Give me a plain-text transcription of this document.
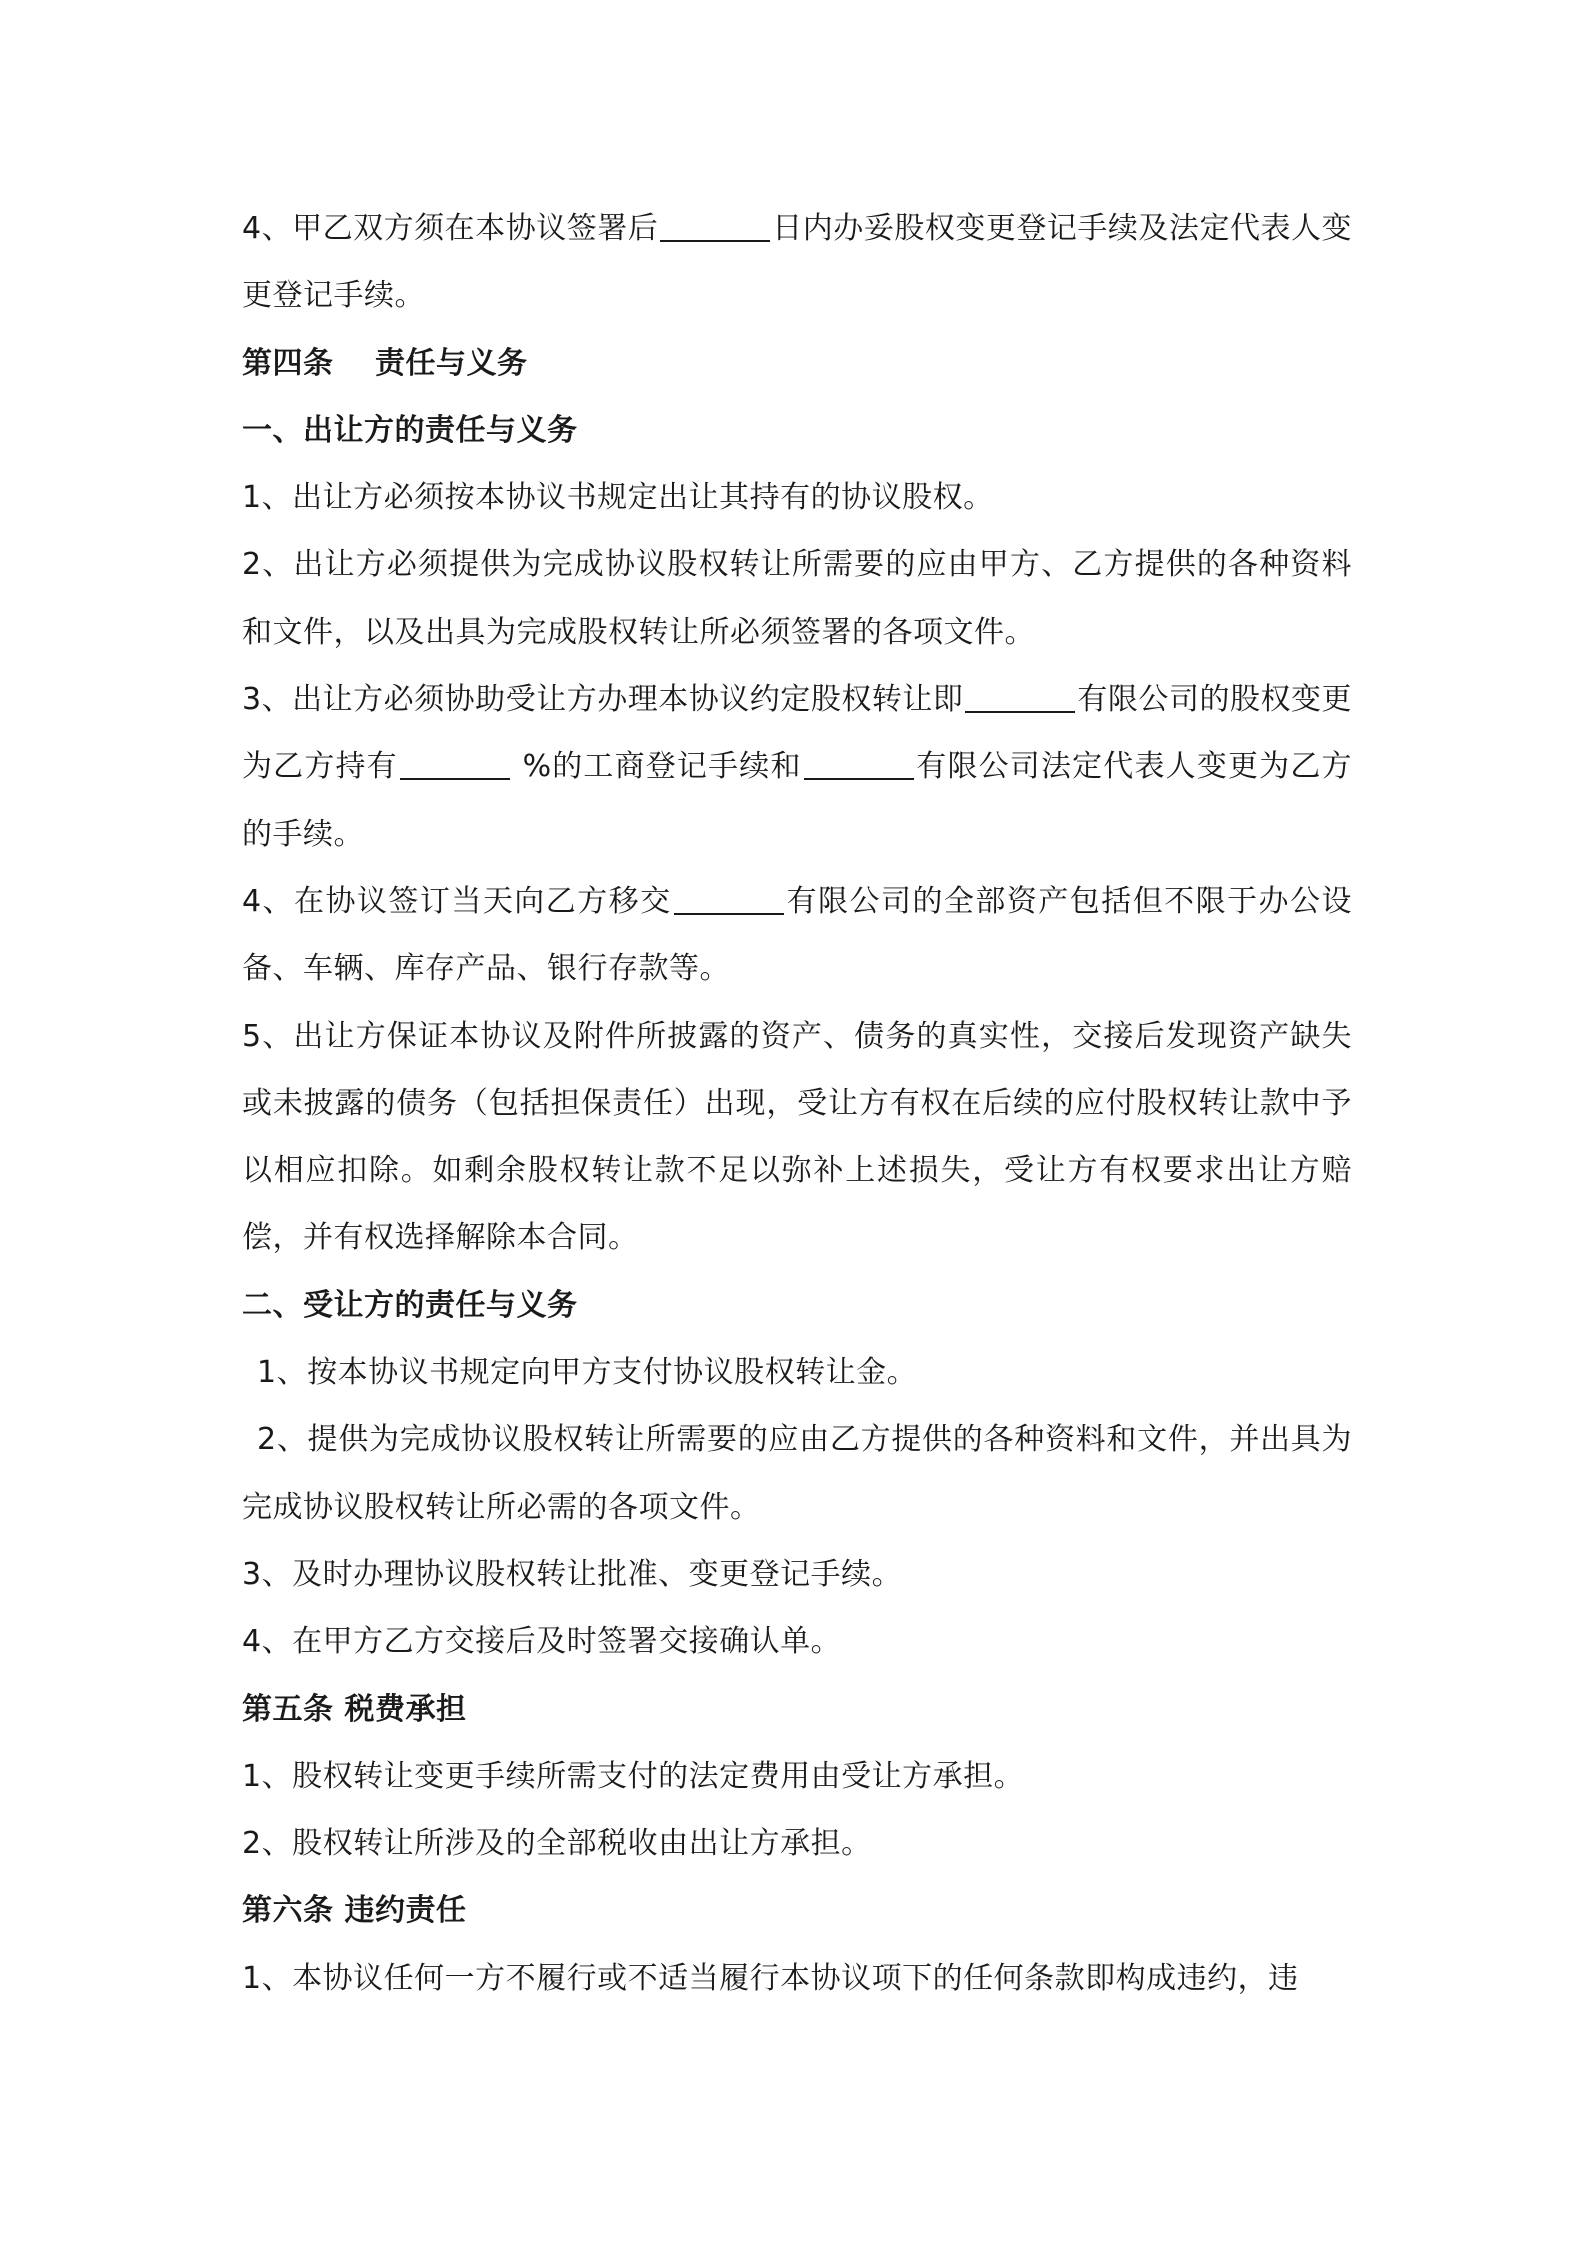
4、甲乙双方须在本协议签署后	日内办妥股权变更登记手续及法定代表人变更登记手续。

第四条　 责任与义务

一、出让方的责任与义务

1、出让方必须按本协议书规定出让其持有的协议股权。

2、出让方必须提供为完成协议股权转让所需要的应由甲方、乙方提供的各种资料和文件，以及出具为完成股权转让所必须签署的各项文件。

3、出让方必须协助受让方办理本协议约定股权转让即	有限公司的股权变更为乙方持有	%的工商登记手续和	有限公司法定代表人变更为乙方的手续。

4、在协议签订当天向乙方移交	有限公司的全部资产包括但不限于办公设备、车辆、库存产品、银行存款等。

5、出让方保证本协议及附件所披露的资产、债务的真实性，交接后发现资产缺失或未披露的债务（包括担保责任）出现，受让方有权在后续的应付股权转让款中予以相应扣除。如剩余股权转让款不足以弥补上述损失，受让方有权要求出让方赔偿，并有权选择解除本合同。

二、受让方的责任与义务

1、按本协议书规定向甲方支付协议股权转让金。

2、提供为完成协议股权转让所需要的应由乙方提供的各种资料和文件，并出具为完成协议股权转让所必需的各项文件。

3、及时办理协议股权转让批准、变更登记手续。

4、在甲方乙方交接后及时签署交接确认单。

第五条 税费承担

1、股权转让变更手续所需支付的法定费用由受让方承担。

2、股权转让所涉及的全部税收由出让方承担。

第六条 违约责任

1、本协议任何一方不履行或不适当履行本协议项下的任何条款即构成违约，违
